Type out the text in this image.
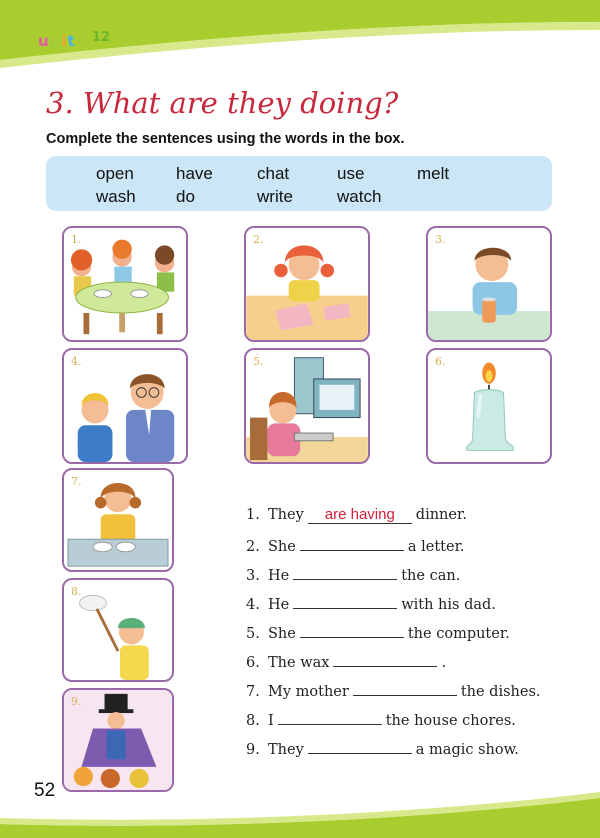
unit 12
3. What are they doing?
Complete the sentences using the words in the box.
open have	chat	use	melt
wash do	write	watch
1.	2.	3.
4.	5.	6.
7.
8.
9.
1. They are having dinner.
2. She	a letter.
3. He	the can.
4. He	with his dad.
5. She	the computer.
6. The wax	.
7. My mother	the dishes.
8. I	the house chores.
9. They	a magic show.
52
